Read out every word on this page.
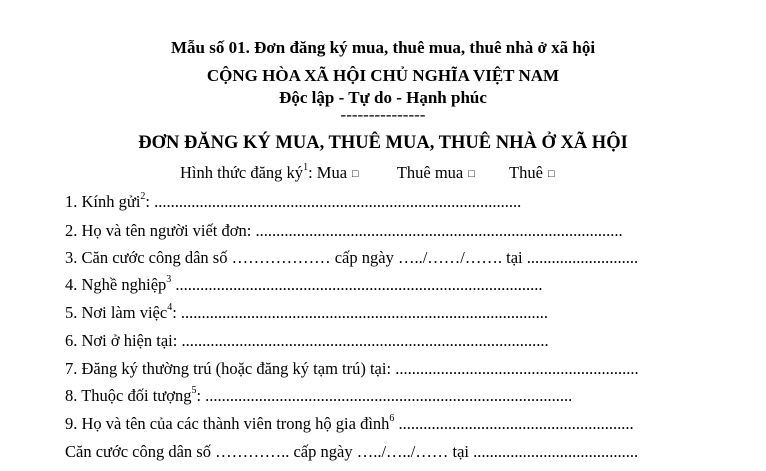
Mẫu số 01. Đơn đăng ký mua, thuê mua, thuê nhà ở xã hội
CỘNG HÒA XÃ HỘI CHỦ NGHĨA VIỆT NAM
Độc lập - Tự do - Hạnh phúc
---------------
ĐƠN ĐĂNG KÝ MUA, THUÊ MUA, THUÊ NHÀ Ở XÃ HỘI
Hình thức đăng $ký^1$: Mua □ Thuê mua □ Thuê □
1. Kính gửi$^2$: .........................................................................................
2. Họ và tên người viết đơn: .........................................................................................
3. Căn cước công dân số ……………… cấp ngày …../……/……. tại ...........................
4. Nghề nghiệp$^3$ .........................................................................................
5. Nơi làm việc$^4$: .........................................................................................
6. Nơi ở hiện tại: .........................................................................................
7. Đăng ký thường trú (hoặc đăng ký tạm trú) tại: ...........................................................
8. Thuộc đối tượng$^5$: .........................................................................................
9. Họ và tên của các thành viên trong hộ gia đình$^6$ .........................................................
Căn cước công dân số ………….. cấp ngày …../…../…… tại ........................................
